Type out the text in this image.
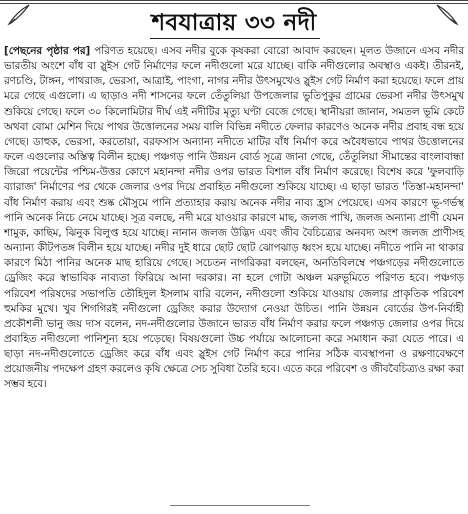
শবযাত্রায় ৩৩ নদী
[পেছনের পৃষ্ঠার পর] পরিণত হয়েছে। এসব নদীর বুকে কৃষকরা বোরো আবাদ করছেন। মূলত উজানে এসব নদীর ভারতীয় অংশে বাঁধ বা স্লুইস গেট নির্মাণের ফলে নদীগুলো মরে যাচ্ছে। বাকি নদীগুলোর অবস্থাও একই। তীরনই, রণচণ্ডি, টাঙ্গন, পাথরাজ, ভেরসা, আত্রাই, পাংগা, নাগর নদীর উৎসমুখেও স্লুইস গেট নির্মাণ করা হয়েছে। ফলে প্রায় মরে গেছে এগুলো। এ ছাড়াও নদী শাসনের ফলে তেঁতুলিয়া উপজেলার ভুতিপুকুর গ্রামের ভেরসা নদীর উৎসমুখ শুকিয়ে গেছে। ফলে ৩০ কিলোমিটার দীর্ঘ এই নদীটির মৃত্যু ঘণ্টা বেজে গেছে। স্থানীয়রা জানান, সমতল ভূমি কেটে অথবা বোমা মেশিন দিয়ে পাথর উত্তোলনের সময় বালি বিভিন্ন নদীতে ফেলার কারণেও অনেক নদীর প্রবাহ বন্ধ হয়ে গেছে। ডাহুক, ভেরসা, করতোয়া, বরফসাস অন্যান্য নদীতে মাটির বাঁধ নির্মাণ করে অবৈধভাবে পাথর উত্তোলনের ফলে এগুলোর অস্তিত্ব বিলীন হচ্ছে। পঞ্চগড় পানি উন্নয়ন বোর্ড সূত্রে জানা গেছে, তেঁতুলিয়া সীমান্তের বাংলাবান্ধা জিরো পয়েন্টের পশ্চিম-উত্তর কোণে মহানন্দা নদীর ওপর ভারত বিশাল বাঁধ নির্মাণ করেছে। বিশেষ করে 'ফুলবাড়ি ব্যারাজ' নির্মাণের পর থেকে জেলার ওপর দিয়ে প্রবাহিত নদীগুলো শুকিয়ে যাচ্ছে। এ ছাড়া ভারত 'তিস্তা-মহানন্দা' বাঁধ নির্মাণ করায় এবং শুষ্ক মৌসুমে পানি প্রত্যাহার করায় অনেক নদীর নাব্য হ্রাস পেয়েছে। এসব কারণে ভূ-গর্ভস্থ পানি অনেক নিচে নেমে যাচ্ছে। সূত্র বলছে, নদী মরে যাওয়ার কারণে মাছ, জলজ পাখি, জলজ অন্যান্য প্রাণী যেমন শামুক, কাছিম, ঝিনুক বিলুপ্ত হয়ে যাচ্ছে। নানান জলজ উদ্ভিদ এবং জীব বৈচিত্র্যের অনবদ্য অংশ জলজ প্রাণীসহ অন্যান্য কীটপতঙ্গ বিলীন হয়ে যাচ্ছে। নদীর দুই ধারে ছোট ছোট ঝোপঝাড় ধ্বংস হয়ে যাচ্ছে। নদীতে পানি না থাকার কারণে মিঠা পানির অনেক মাছ হারিয়ে গেছে। সচেতন নাগরিকরা বলছেন, অনতিবিলম্বে পঞ্চগড়ের নদীগুলোতে ড্রেজিং করে স্বাভাবিক নাব্যতা ফিরিয়ে আনা দরকার। না হলে গোটা অঞ্চল মরুভূমিতে পরিণত হবে। পঞ্চগড় পরিবেশ পরিষদের সভাপতি তৌহিদুল ইসলাম বারি বলেন, নদীগুলো শুকিয়ে যাওয়ায় জেলার প্রাকৃতিক পরিবেশ হুমকির মুখে। খুব শিগগিরই নদীগুলো ড্রেজিং করার উদ্যোগ নেওয়া উচিত। পানি উন্নয়ন বোর্ডের উপ-নির্বাহী প্রকৌশলী ভানু জয় দাস বলেন, নদ-নদীগুলোর উজানে ভারত বাঁধ নির্মাণ করার ফলে পঞ্চগড় জেলার ওপর দিয়ে প্রবাহিত নদীগুলো পানিশূন্য হয়ে পড়েছে। বিষয়গুলো উচ্চ পর্যায়ে আলোচনা করে সমাধান করা যেতে পারে। এ ছাড়া নদ-নদীগুলোতে ড্রেজিং করে বাঁধ এবং স্লুইস গেট নির্মাণ করে পানির সঠিক ব্যবস্থাপনা ও রক্ষণাবেক্ষণে প্রয়োজনীয় পদক্ষেপ গ্রহণ করলেও কৃষি ক্ষেত্রে সেচ সুবিধা তৈরি হবে। এতে করে পরিবেশ ও জীববৈচিত্র্যও রক্ষা করা সম্ভব হবে।
